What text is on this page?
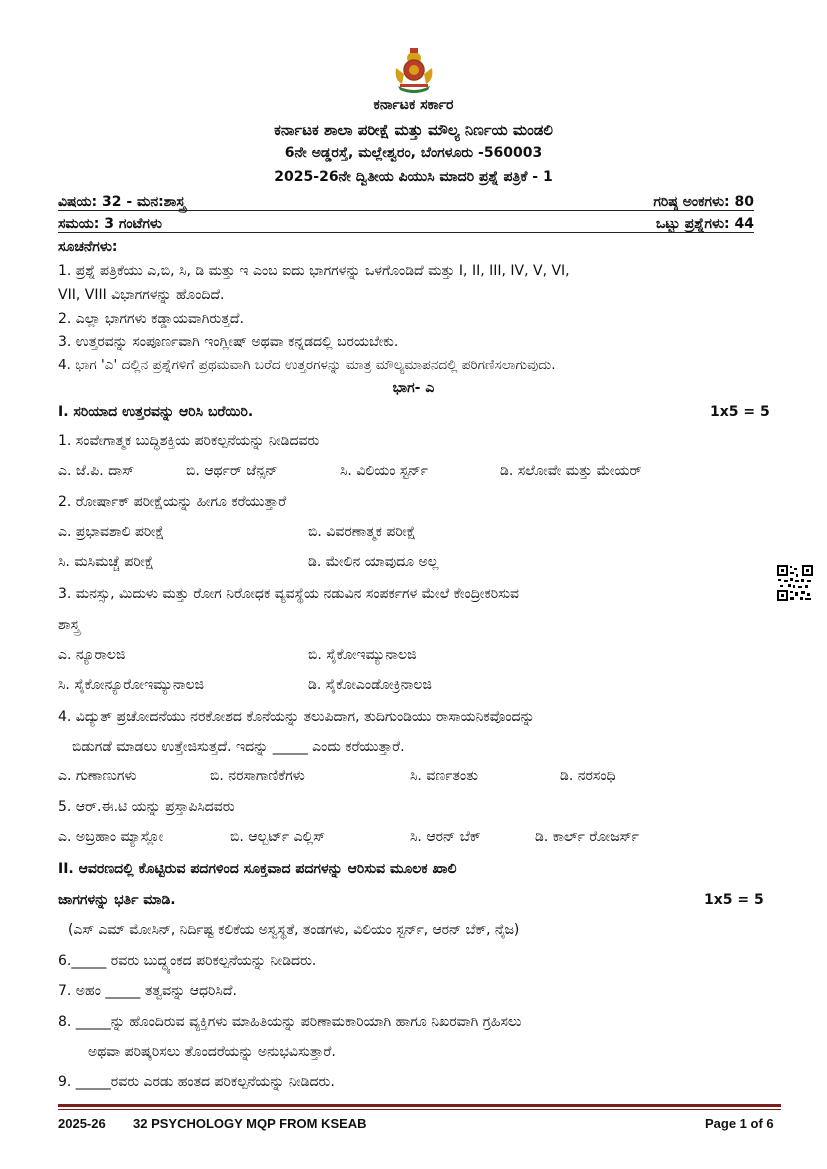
ಕರ್ನಾಟಕ ಸರ್ಕಾರ
ಕರ್ನಾಟಕ ಶಾಲಾ ಪರೀಕ್ಷೆ ಮತ್ತು ಮೌಲ್ಯ ನಿರ್ಣಯ ಮಂಡಲಿ
6ನೇ ಅಡ್ಡರಸ್ತೆ, ಮಲ್ಲೇಶ್ವರಂ, ಬೆಂಗಳೂರು -560003
2025-26ನೇ ದ್ವಿತೀಯ ಪಿಯುಸಿ ಮಾದರಿ ಪ್ರಶ್ನೆ ಪತ್ರಿಕೆ - 1
ವಿಷಯ: 32 - ಮನ:ಶಾಸ್ತ್ರ	ಗರಿಷ್ಠ ಅಂಕಗಳು: 80
ಸಮಯ: 3 ಗಂಟೆಗಳು	ಒಟ್ಟು ಪ್ರಶ್ನೆಗಳು: 44
ಸೂಚನೆಗಳು:
1. ಪ್ರಶ್ನೆ ಪತ್ರಿಕೆಯು ಎ,ಬಿ, ಸಿ, ಡಿ ಮತ್ತು ಇ ಎಂಬ ಐದು ಭಾಗಗಳನ್ನು ಒಳಗೊಂಡಿದೆ ಮತ್ತು I, II, III, IV, V, VI,
VII, VIII ವಿಭಾಗಗಳನ್ನು ಹೊಂದಿದೆ.
2. ಎಲ್ಲಾ ಭಾಗಗಳು ಕಡ್ಡಾಯವಾಗಿರುತ್ತದೆ.
3. ಉತ್ತರವನ್ನು ಸಂಪೂರ್ಣವಾಗಿ ಇಂಗ್ಲೀಷ್ ಅಥವಾ ಕನ್ನಡದಲ್ಲಿ ಬರಯಬೇಕು.
4. ಭಾಗ 'ಎ' ದಲ್ಲಿನ ಪ್ರಶ್ನೆಗಳಿಗೆ ಪ್ರಥಮವಾಗಿ ಬರೆದ ಉತ್ತರಗಳನ್ನು ಮಾತ್ರ ಮೌಲ್ಯಮಾಪನದಲ್ಲಿ ಪರಿಗಣಿಸಲಾಗುವುದು.
ಭಾಗ- ಎ
I. ಸರಿಯಾದ ಉತ್ತರವನ್ನು ಆರಿಸಿ ಬರೆಯಿರಿ.	1x5 = 5
1. ಸಂವೇಗಾತ್ಮಕ ಬುದ್ಧಿಶಕ್ತಿಯ ಪರಿಕಲ್ಪನೆಯನ್ನು ನೀಡಿದವರು
ಎ. ಜೆ.ಪಿ. ದಾಸ್	ಬಿ. ಆರ್ಥರ್ ಜೆನ್ಸನ್	ಸಿ. ವಿಲಿಯಂ ಸ್ಟರ್ನ್	ಡಿ. ಸಲೋವೇ ಮತ್ತು ಮೇಯರ್
2. ರೋರ್ಷಾಕ್ ಪರೀಕ್ಷೆಯನ್ನು ಹೀಗೂ ಕರೆಯುತ್ತಾರೆ
ಎ. ಪ್ರಭಾವಶಾಲಿ ಪರೀಕ್ಷೆ	ಬಿ. ವಿವರಣಾತ್ಮಕ ಪರೀಕ್ಷೆ
ಸಿ. ಮಸಿಮಚ್ಚೆ ಪರೀಕ್ಷೆ	ಡಿ. ಮೇಲಿನ ಯಾವುದೂ ಅಲ್ಲ
3. ಮನಸ್ಸು, ಮಿದುಳು ಮತ್ತು ರೋಗ ನಿರೋಧಕ ವ್ಯವಸ್ಥೆಯ ನಡುವಿನ ಸಂಪರ್ಕಗಳ ಮೇಲೆ ಕೇಂದ್ರೀಕರಿಸುವ
ಶಾಸ್ತ್ರ
ಎ. ನ್ಯೂರಾಲಜಿ	ಬಿ. ಸೈಕೋಇಮ್ಯುನಾಲಜಿ
ಸಿ. ಸೈಕೋನ್ಯೂರೋಇಮ್ಯುನಾಲಜಿ	ಡಿ. ಸೈಕೋಎಂಡೋಕ್ರಿನಾಲಜಿ
4. ವಿದ್ಯುತ್ ಪ್ರಚೋದನೆಯು ನರಕೋಶದ ಕೊನೆಯನ್ನು ತಲುಪಿದಾಗ, ತುದಿಗುಂಡಿಯು ರಾಸಾಯನಿಕವೊಂದನ್ನು
ಬಿಡುಗಡೆ ಮಾಡಲು ಉತ್ತೇಜಿಸುತ್ತದೆ. ಇದನ್ನು _____ ಎಂದು ಕರೆಯುತ್ತಾರೆ.
ಎ. ಗುಣಾಣುಗಳು	ಬಿ. ನರಸಾಗಾಣಿಕೆಗಳು	ಸಿ. ವರ್ಣತಂತು	ಡಿ. ನರಸಂಧಿ
5. ಆರ್.ಈ.ಟಿ ಯನ್ನು ಪ್ರಸ್ತಾಪಿಸಿದವರು
ಎ. ಅಬ್ರಹಾಂ ಮ್ಯಾಸ್ಲೋ	ಬಿ. ಆಲ್ಬರ್ಟ್ ಎಲ್ಲಿಸ್	ಸಿ. ಆರನ್ ಬೆಕ್	ಡಿ. ಕಾರ್ಲ್ ರೋಜರ್ಸ್
II. ಆವರಣದಲ್ಲಿ ಕೊಟ್ಟಿರುವ ಪದಗಳಿಂದ ಸೂಕ್ತವಾದ ಪದಗಳನ್ನು ಆರಿಸುವ ಮೂಲಕ ಖಾಲಿ
ಜಾಗಗಳನ್ನು ಭರ್ತಿ ಮಾಡಿ.	1x5 = 5
(ಎಸ್ ಎಮ್ ಮೋಸಿನ್, ನಿರ್ದಿಷ್ಟ ಕಲಿಕೆಯ ಅಸ್ವಸ್ಥತೆ, ತಂಡಗಳು, ವಿಲಿಯಂ ಸ್ಟರ್ನ್, ಆರನ್ ಬೆಕ್, ನೈಜ)
6._____ ರವರು ಬುದ್ಧ್ಯಂಕದ ಪರಿಕಲ್ಪನೆಯನ್ನು ನೀಡಿದರು.
7. ಅಹಂ _____ ತತ್ವವನ್ನು ಆಧರಿಸಿದೆ.
8. _____ನ್ನು ಹೊಂದಿರುವ ವ್ಯಕ್ತಿಗಳು ಮಾಹಿತಿಯನ್ನು ಪರಿಣಾಮಕಾರಿಯಾಗಿ ಹಾಗೂ ನಿಖರವಾಗಿ ಗ್ರಹಿಸಲು
ಅಥವಾ ಪರಿಷ್ಕರಿಸಲು ತೊಂದರೆಯನ್ನು ಅನುಭವಿಸುತ್ತಾರೆ.
9. _____ರವರು ಎರಡು ಹಂತದ ಪರಿಕಲ್ಪನೆಯನ್ನು ನೀಡಿದರು.
2025-26 32 PSYCHOLOGY MQP FROM KSEAB	Page 1 of 6
